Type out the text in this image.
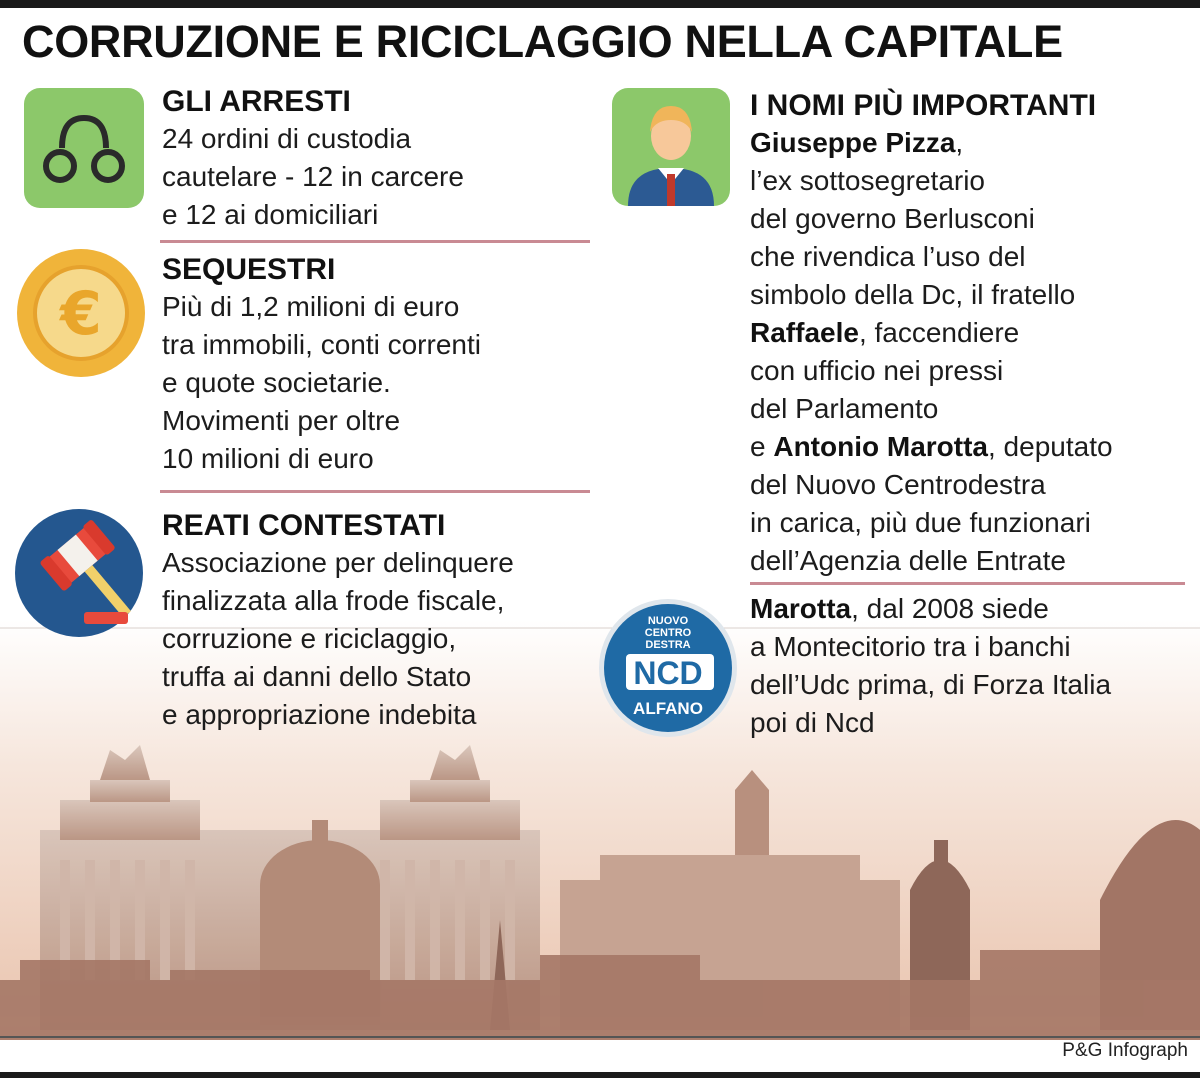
CORRUZIONE E RICICLAGGIO NELLA CAPITALE
P&G Infograph
€
NUOVO
CENTRO
DESTRA
NCD
ALFANO
GLI ARRESTI

24 ordini di custodia
cautelare - 12 in carcere
e 12 ai domiciliari

SEQUESTRI

Più di 1,2 milioni di euro
tra immobili, conti correnti
e quote societarie.
Movimenti per oltre
10 milioni di euro

REATI CONTESTATI

Associazione per delinquere
finalizzata alla frode fiscale,
corruzione e riciclaggio,
truffa ai danni dello Stato
e appropriazione indebita

I NOMI PIÙ IMPORTANTI

Giuseppe Pizza,
l’ex sottosegretario
del governo Berlusconi
che rivendica l’uso del
simbolo della Dc, il fratello
Raffaele, faccendiere
con ufficio nei pressi
del Parlamento
e Antonio Marotta, deputato
del Nuovo Centrodestra
in carica, più due funzionari
dell’Agenzia delle Entrate

Marotta, dal 2008 siede
a Montecitorio tra i banchi
dell’Udc prima, di Forza Italia
poi di Ncd
